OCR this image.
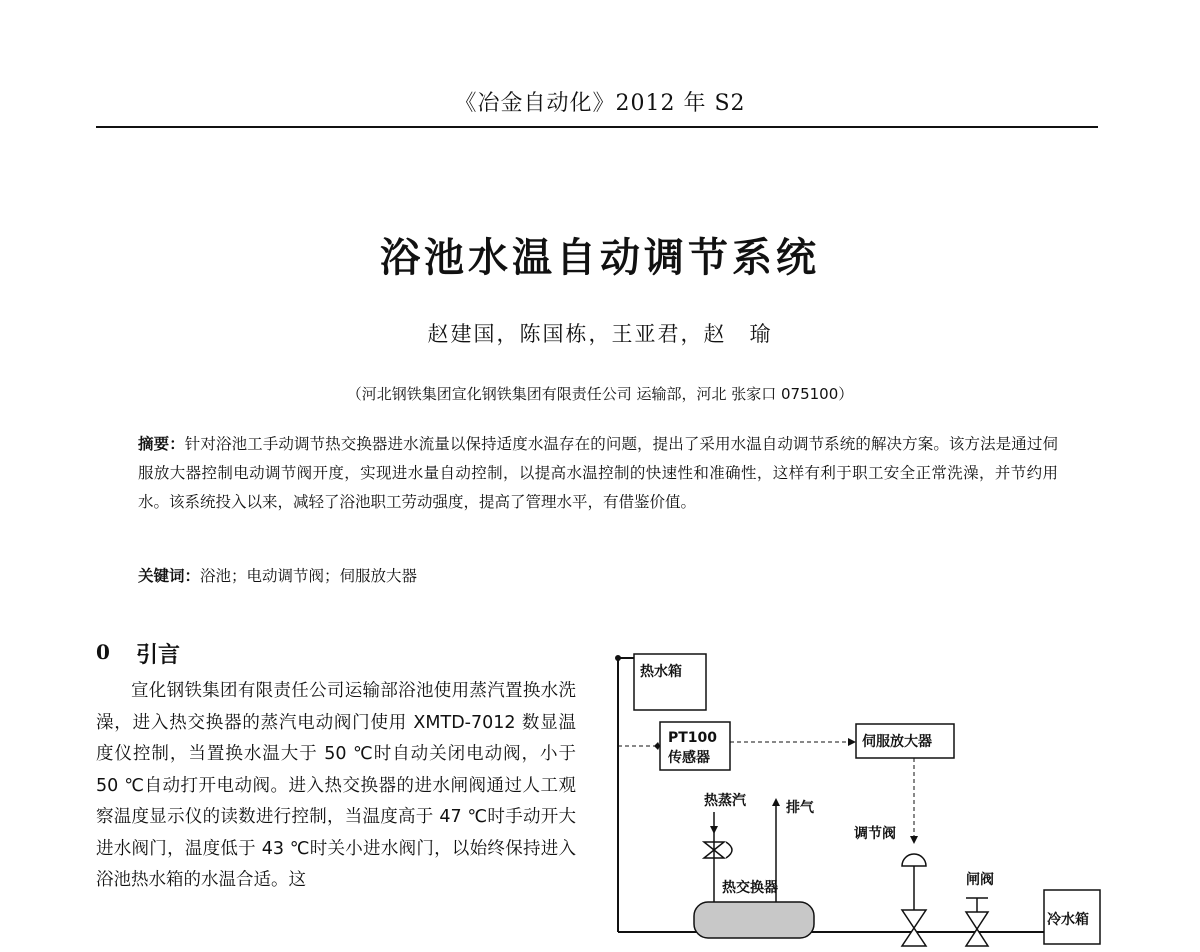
《冶金自动化》2012 年 S2
浴池水温自动调节系统
赵建国，陈国栋，王亚君，赵　瑜
（河北钢铁集团宣化钢铁集团有限责任公司 运输部，河北 张家口 075100）
摘要：针对浴池工手动调节热交换器进水流量以保持适度水温存在的问题，提出了采用水温自动调节系统的解决方案。该方法是通过伺服放大器控制电动调节阀开度，实现进水量自动控制，以提高水温控制的快速性和准确性，这样有利于职工安全正常洗澡，并节约用水。该系统投入以来，减轻了浴池职工劳动强度，提高了管理水平，有借鉴价值。
关键词：浴池；电动调节阀；伺服放大器
0 引言

宣化钢铁集团有限责任公司运输部浴池使用蒸汽置换水洗澡，进入热交换器的蒸汽电动阀门使用 XMTD-7012 数显温度仪控制，当置换水温大于 50 ℃时自动关闭电动阀，小于 50 ℃自动打开电动阀。进入热交换器的进水闸阀通过人工观察温度显示仪的读数进行控制，当温度高于 47 ℃时手动开大进水阀门，温度低于 43 ℃时关小进水阀门，以始终保持进入浴池热水箱的水温合适。这

热水箱
PT100
传感器
伺服放大器
热蒸汽	排气
热交换器
调节阀
闸阀
冷水箱
